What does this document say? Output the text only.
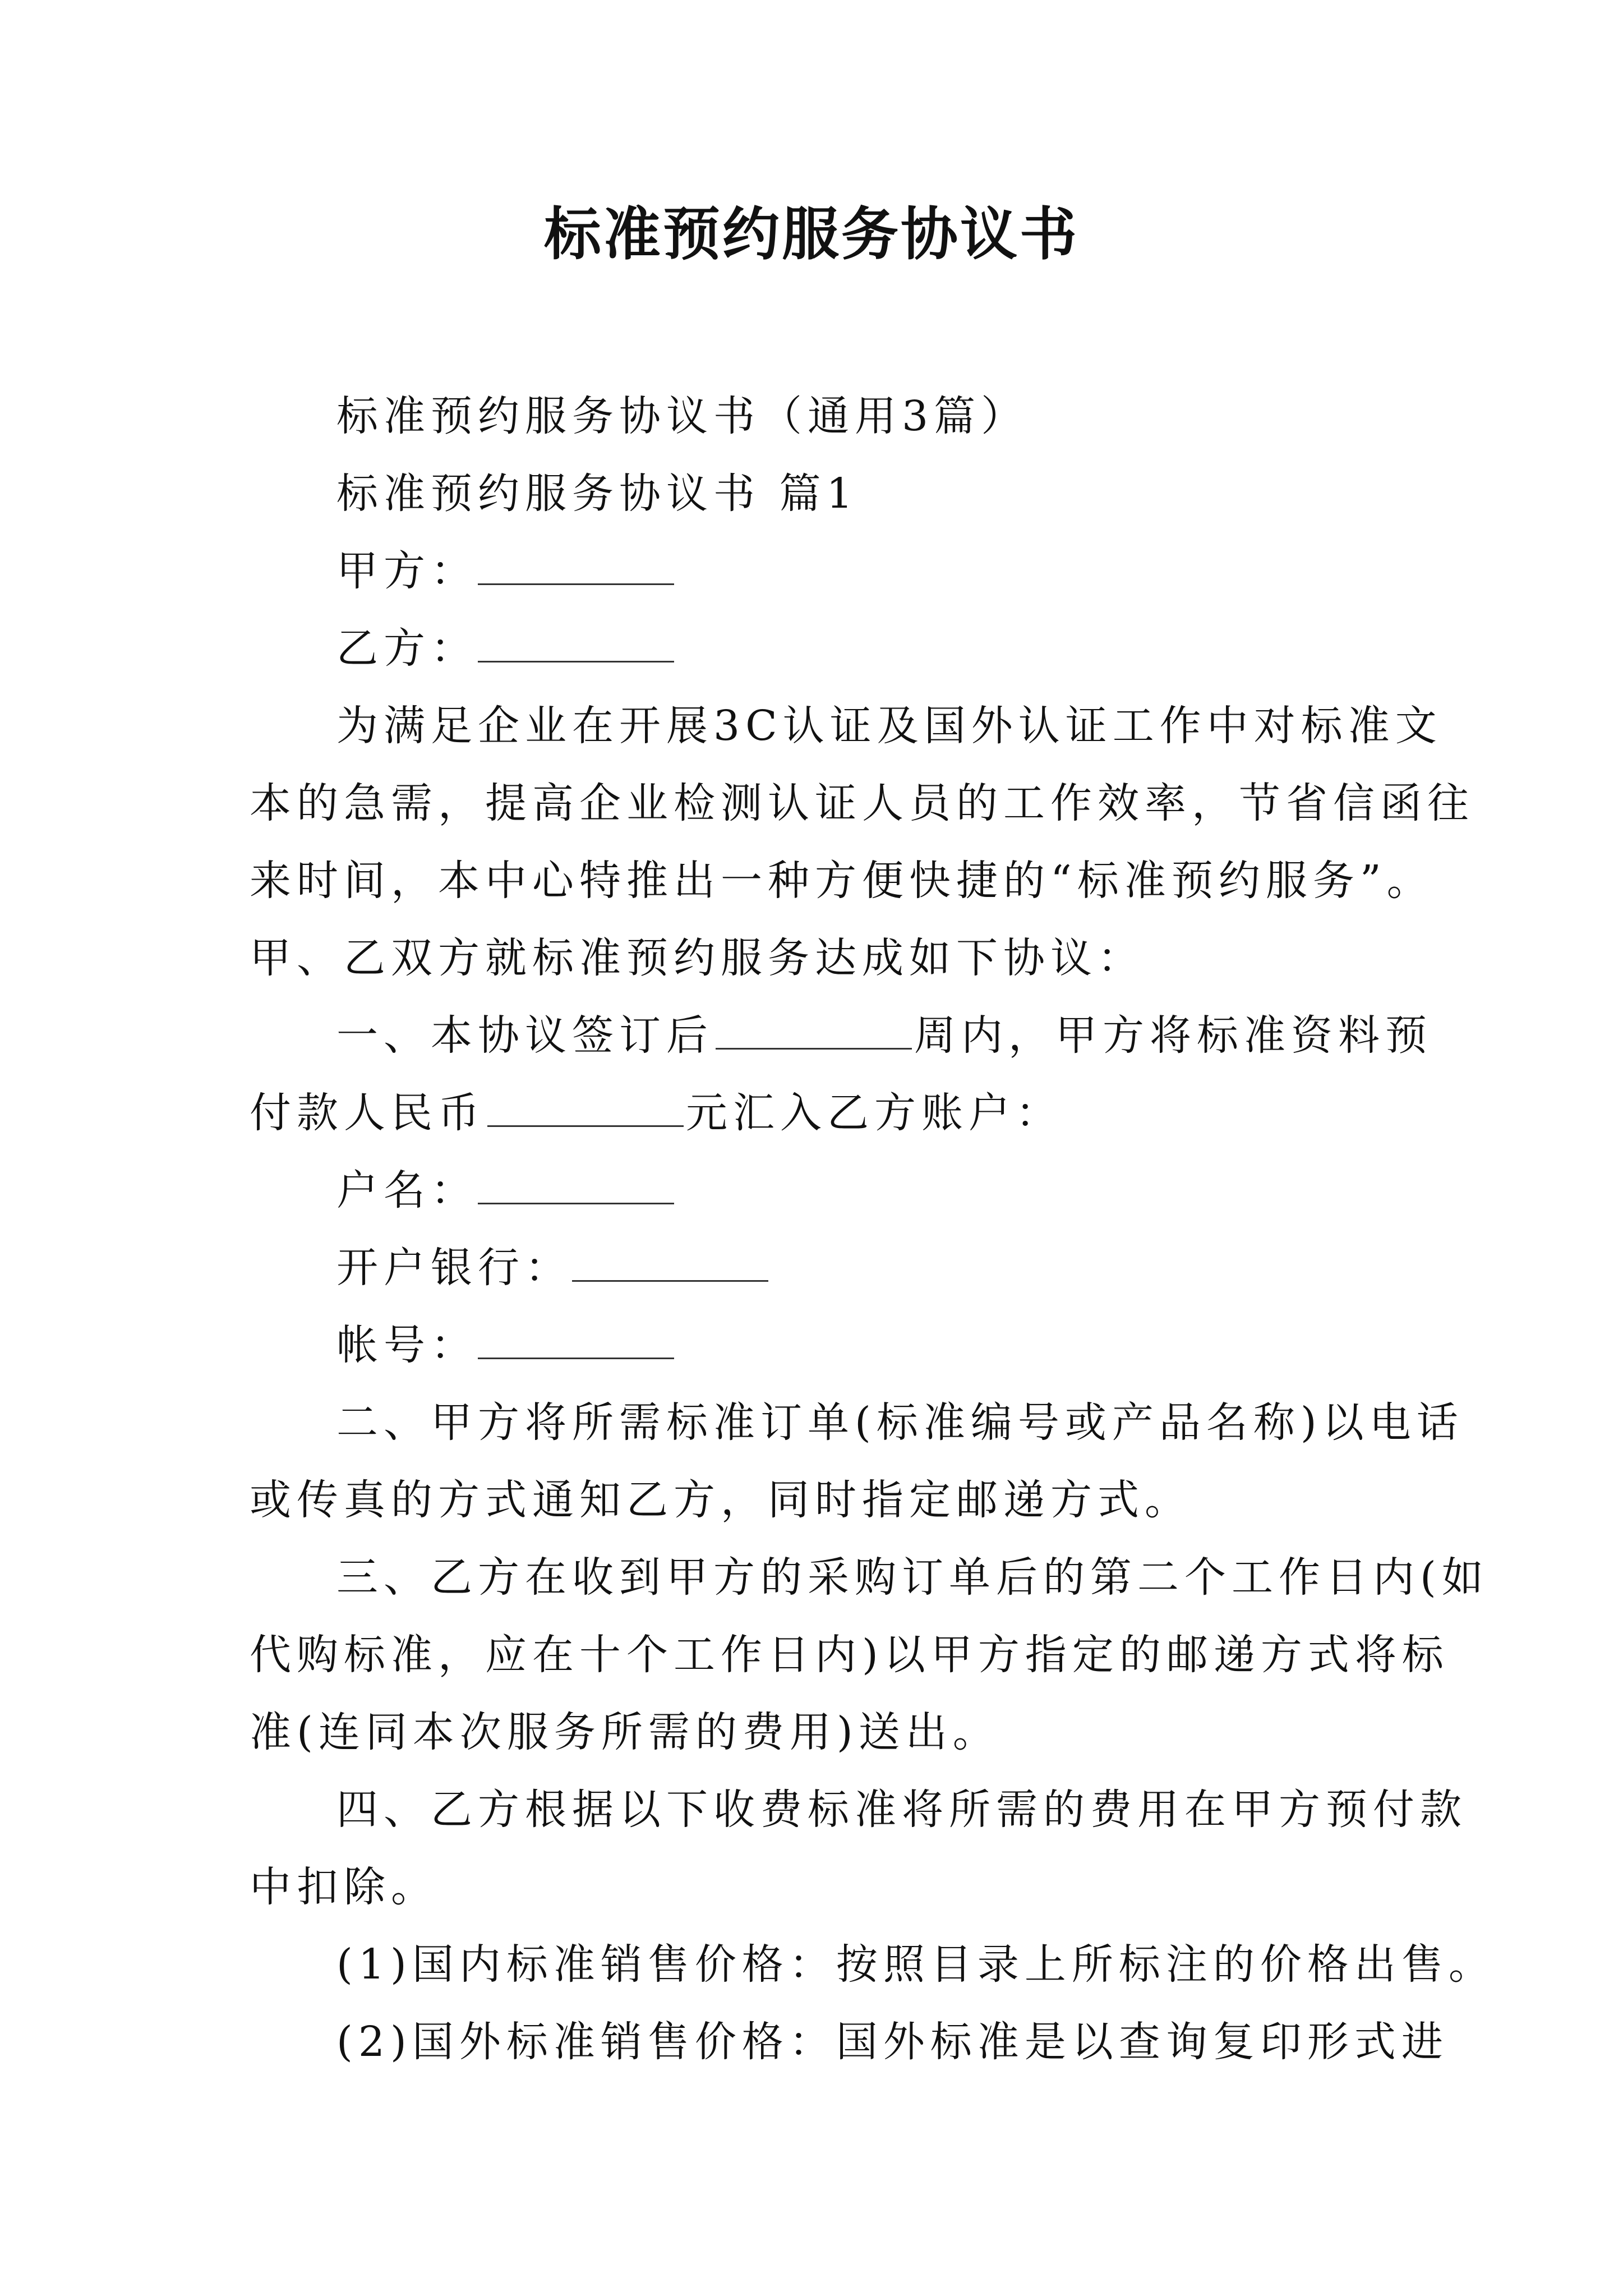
标准预约服务协议书
标准预约服务协议书（通用3篇）
标准预约服务协议书 篇1
甲方：
乙方：
为满足企业在开展3C认证及国外认证工作中对标准文
本的急需，提高企业检测认证人员的工作效率，节省信函往
来时间，本中心特推出一种方便快捷的“标准预约服务”。
甲、乙双方就标准预约服务达成如下协议：
一、本协议签订后	周内，甲方将标准资料预
付款人民币	元汇入乙方账户：
户名：
开户银行：
帐号：
二、甲方将所需标准订单(标准编号或产品名称)以电话
或传真的方式通知乙方，同时指定邮递方式。
三、乙方在收到甲方的采购订单后的第二个工作日内(如
代购标准，应在十个工作日内)以甲方指定的邮递方式将标
准(连同本次服务所需的费用)送出。
四、乙方根据以下收费标准将所需的费用在甲方预付款
中扣除。
(1)国内标准销售价格：按照目录上所标注的价格出售。
(2)国外标准销售价格：国外标准是以查询复印形式进
